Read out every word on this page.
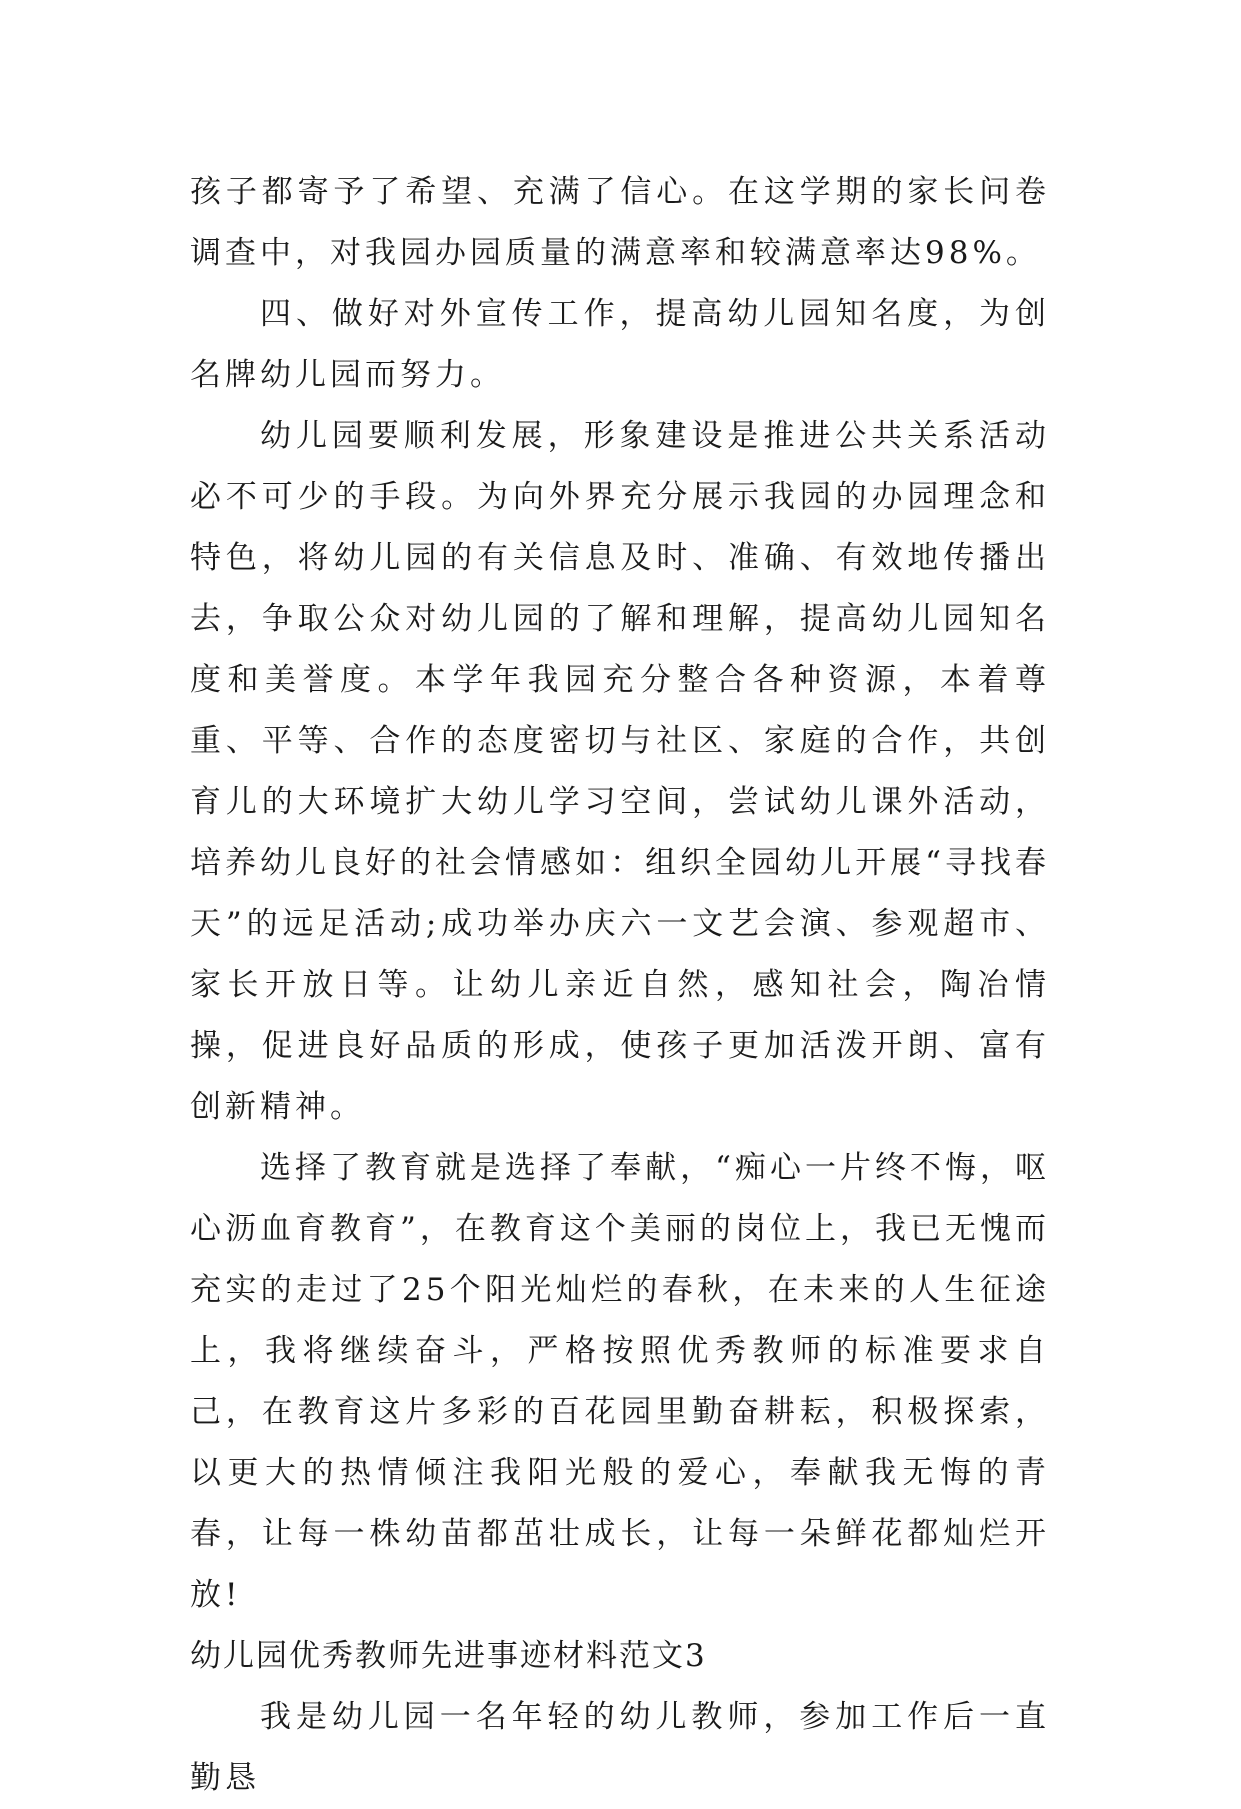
孩子都寄予了希望、充满了信心。在这学期的家长问卷调查中，对我园办园质量的满意率和较满意率达98%。

四、做好对外宣传工作，提高幼儿园知名度，为创名牌幼儿园而努力。

幼儿园要顺利发展，形象建设是推进公共关系活动必不可少的手段。为向外界充分展示我园的办园理念和特色，将幼儿园的有关信息及时、准确、有效地传播出去，争取公众对幼儿园的了解和理解，提高幼儿园知名度和美誉度。本学年我园充分整合各种资源，本着尊重、平等、合作的态度密切与社区、家庭的合作，共创育儿的大环境扩大幼儿学习空间，尝试幼儿课外活动，培养幼儿良好的社会情感如：组织全园幼儿开展“寻找春天”的远足活动;成功举办庆六一文艺会演、参观超市、家长开放日等。让幼儿亲近自然，感知社会，陶冶情操，促进良好品质的形成，使孩子更加活泼开朗、富有创新精神。

选择了教育就是选择了奉献，“痴心一片终不悔，呕心沥血育教育”，在教育这个美丽的岗位上，我已无愧而充实的走过了25个阳光灿烂的春秋，在未来的人生征途上，我将继续奋斗，严格按照优秀教师的标准要求自己，在教育这片多彩的百花园里勤奋耕耘，积极探索，以更大的热情倾注我阳光般的爱心，奉献我无悔的青春，让每一株幼苗都茁壮成长，让每一朵鲜花都灿烂开放!

幼儿园优秀教师先进事迹材料范文3

我是幼儿园一名年轻的幼儿教师，参加工作后一直勤恳
